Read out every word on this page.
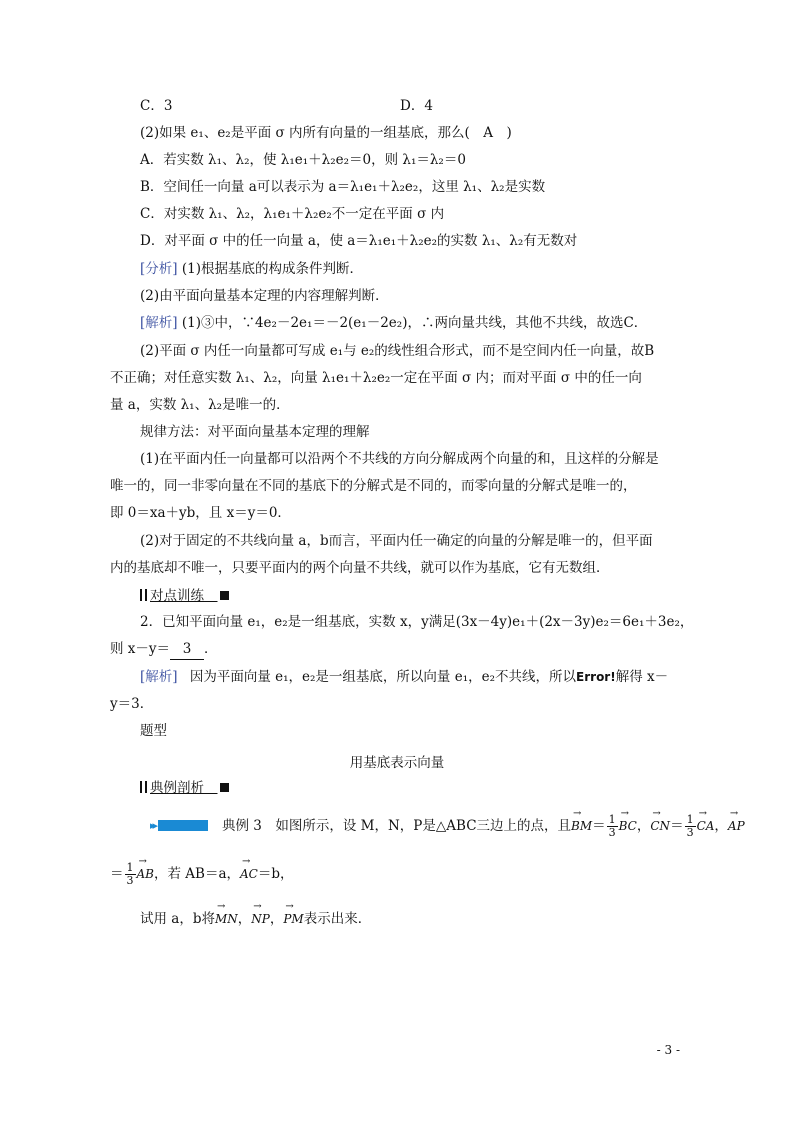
C．3	D．4
(2)如果 e₁、e₂是平面 σ 内所有向量的一组基底，那么(　A　)
A．若实数 λ₁、λ₂，使 λ₁e₁＋λ₂e₂＝0，则 λ₁＝λ₂＝0
B．空间任一向量 a可以表示为 a＝λ₁e₁＋λ₂e₂，这里 λ₁、λ₂是实数
C．对实数 λ₁、λ₂，λ₁e₁＋λ₂e₂不一定在平面 σ 内
D．对平面 σ 中的任一向量 a，使 a＝λ₁e₁＋λ₂e₂的实数 λ₁、λ₂有无数对
[分析] (1)根据基底的构成条件判断．
(2)由平面向量基本定理的内容理解判断．
[解析] (1)③中，∵4e₂－2e₁＝－2(e₁－2e₂)，∴两向量共线，其他不共线，故选C．
(2)平面 σ 内任一向量都可写成 e₁与 e₂的线性组合形式，而不是空间内任一向量，故B
不正确；对任意实数 λ₁、λ₂，向量 λ₁e₁＋λ₂e₂一定在平面 σ 内；而对平面 σ 中的任一向
量 a，实数 λ₁、λ₂是唯一的．
规律方法：对平面向量基本定理的理解
(1)在平面内任一向量都可以沿两个不共线的方向分解成两个向量的和，且这样的分解是
唯一的，同一非零向量在不同的基底下的分解式是不同的，而零向量的分解式是唯一的，
即 0＝xa＋yb，且 x＝y＝0．
(2)对于固定的不共线向量 a，b而言，平面内任一确定的向量的分解是唯一的，但平面
内的基底却不唯一，只要平面内的两个向量不共线，就可以作为基底，它有无数组．
对点训练　
2．已知平面向量 e₁，e₂是一组基底，实数 x，y满足(3x－4y)e₁＋(2x－3y)e₂＝6e₁＋3e₂，
则 x－y＝ 3 ．
[解析] 因为平面向量 e₁，e₂是一组基底，所以向量 e₁，e₂不共线，所以Error!解得 x－
y＝3．
题型
用基底表示向量
典例剖析　
▸▸典例 3　如图所示，设 M，N，P是△ABC三边上的点，且→ $BM= \frac{1}{3}$ → BC，→ $CN= \frac{1}{3}$ → CA，→ AP
＝ $\frac{1}{3}$ → AB，若 AB＝a，→ AC＝b，
试用 a，b将→ MN，→ NP，→ PM表示出来．
- 3 -
